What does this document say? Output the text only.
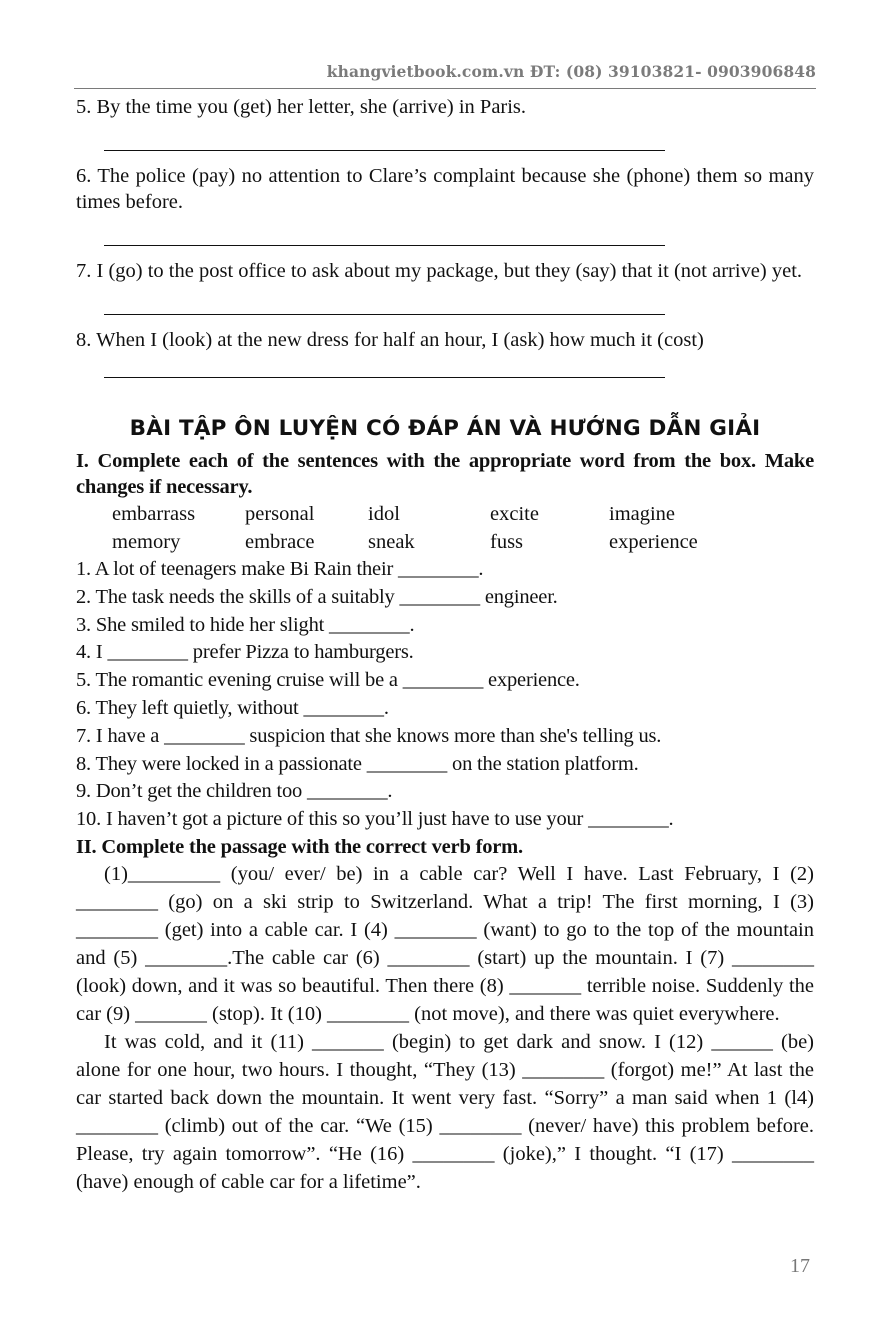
khangvietbook.com.vn ĐT: (08) 39103821- 0903906848

5. By the time you (get) her letter, she (arrive) in Paris.

6. The police (pay) no attention to Clare’s complaint because she (phone) them so many times before.

7. I (go) to the post office to ask about my package, but they (say) that it (not arrive) yet.

8. When I (look) at the new dress for half an hour, I (ask) how much it (cost)

BÀI TẬP ÔN LUYỆN CÓ ĐÁP ÁN VÀ HƯỚNG DẪN GIẢI

I. Complete each of the sentences with the appropriate word from the box. Make changes if necessary.

embarrass	personal	idol	excite	imagine
memory	embrace	sneak	fuss	experience

1. A lot of teenagers make Bi Rain their ________.

2. The task needs the skills of a suitably ________ engineer.

3. She smiled to hide her slight ________.

4. I ________ prefer Pizza to hamburgers.

5. The romantic evening cruise will be a ________ experience.

6. They left quietly, without ________.

7. I have a ________ suspicion that she knows more than she's telling us.

8. They were locked in a passionate ________ on the station platform.

9. Don’t get the children too ________.

10. I haven’t got a picture of this so you’ll just have to use your ________.

II. Complete the passage with the correct verb form.

(1)_________ (you/ ever/ be) in a cable car? Well I have. Last February, I (2) ________ (go) on a ski strip to Switzerland. What a trip! The first morning, I (3) ________ (get) into a cable car. I (4) ________ (want) to go to the top of the mountain and (5) ________.The cable car (6) ________ (start) up the mountain. I (7) ________ (look) down, and it was so beautiful. Then there (8) _______ terrible noise. Suddenly the car (9) _______ (stop). It (10) ________ (not move), and there was quiet everywhere.

It was cold, and it (11) _______ (begin) to get dark and snow. I (12) ______ (be) alone for one hour, two hours. I thought, “They (13) ________ (forgot) me!” At last the car started back down the mountain. It went very fast. “Sorry” a man said when 1 (l4) ________ (climb) out of the car. “We (15) ________ (never/ have) this problem before. Please, try again tomorrow”. “He (16) ________ (joke),” I thought. “I (17) ________ (have) enough of cable car for a lifetime”.

17
